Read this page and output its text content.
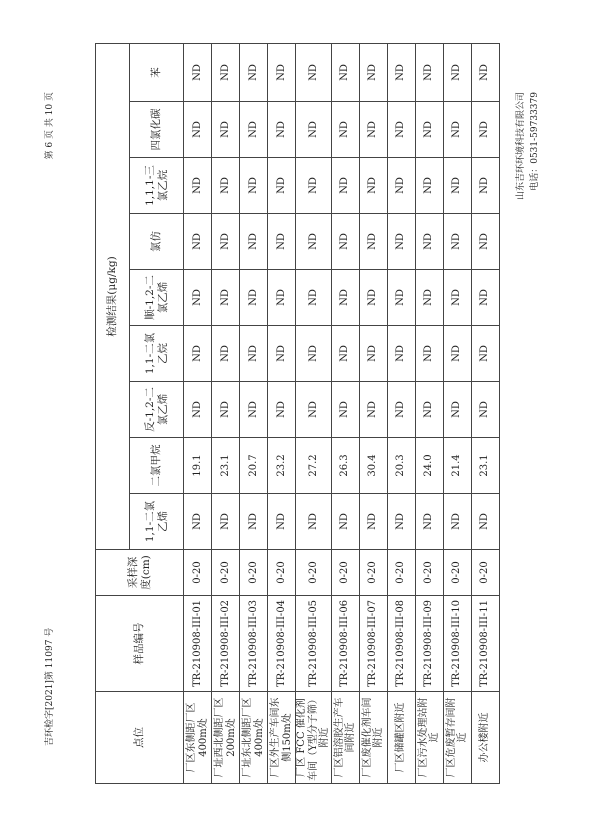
吉环检字[2021]第 11097 号
第 6 页 共 10 页
点位	样品编号	采样深度(cm)	检测结果(μg/kg)								
			1,1-二氯乙烯	二氯甲烷	反-1,2-二氯乙烯	1,1-二氯乙烷	顺-1,2-二氯乙烯	氯仿	1,1,1-三氯乙烷	四氯化碳	苯
厂区东侧距厂区400m处	TR-210908-III-01	0-20	ND	19.1	ND	ND	ND	ND	ND	ND	ND
厂址西北侧距厂区200m处	TR-210908-III-02	0-20	ND	23.1	ND	ND	ND	ND	ND	ND	ND
厂址东北侧距厂区400m处	TR-210908-III-03	0-20	ND	20.7	ND	ND	ND	ND	ND	ND	ND
厂区外生产车间东侧150m处	TR-210908-III-04	0-20	ND	23.2	ND	ND	ND	ND	ND	ND	ND
厂区 FCC 催化剂车间（Y型分子筛）附近	TR-210908-III-05	0-20	ND	27.2	ND	ND	ND	ND	ND	ND	ND
厂区铝溶胶生产车间附近	TR-210908-III-06	0-20	ND	26.3	ND	ND	ND	ND	ND	ND	ND
厂区废催化剂车间附近	TR-210908-III-07	0-20	ND	30.4	ND	ND	ND	ND	ND	ND	ND
厂区储罐区附近	TR-210908-III-08	0-20	ND	20.3	ND	ND	ND	ND	ND	ND	ND
厂区污水处理站附近	TR-210908-III-09	0-20	ND	24.0	ND	ND	ND	ND	ND	ND	ND
厂区危废暂存间附近	TR-210908-III-10	0-20	ND	21.4	ND	ND	ND	ND	ND	ND	ND
办公楼附近	TR-210908-III-11	0-20	ND	23.1	ND	ND	ND	ND	ND	ND	ND
山东吉环环境科技有限公司 电话：0531-59733379
